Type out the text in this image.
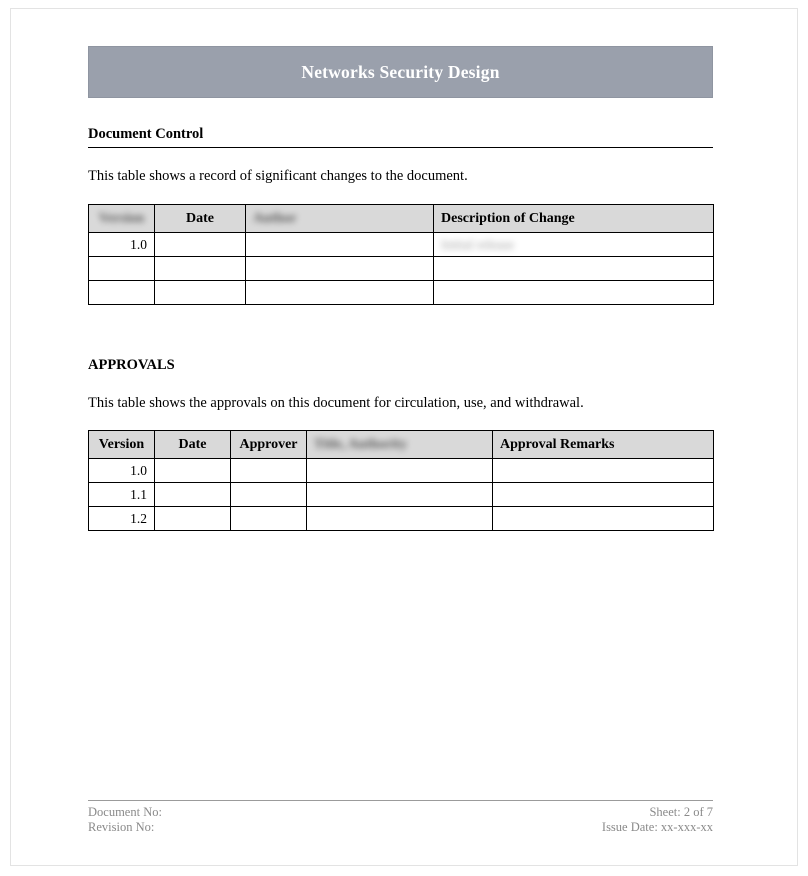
Networks Security Design
Document Control
This table shows a record of significant changes to the document.
Version	Date	Author	Description of Change
1.0			Initial release

APPROVALS
This table shows the approvals on this document for circulation, use, and withdrawal.
Version	Date	Approver	Title, Authority	Approval Remarks
1.0				
1.1				
1.2				
Document No:	Sheet: 2 of 7
Revision No:	Issue Date: xx-xxx-xx
